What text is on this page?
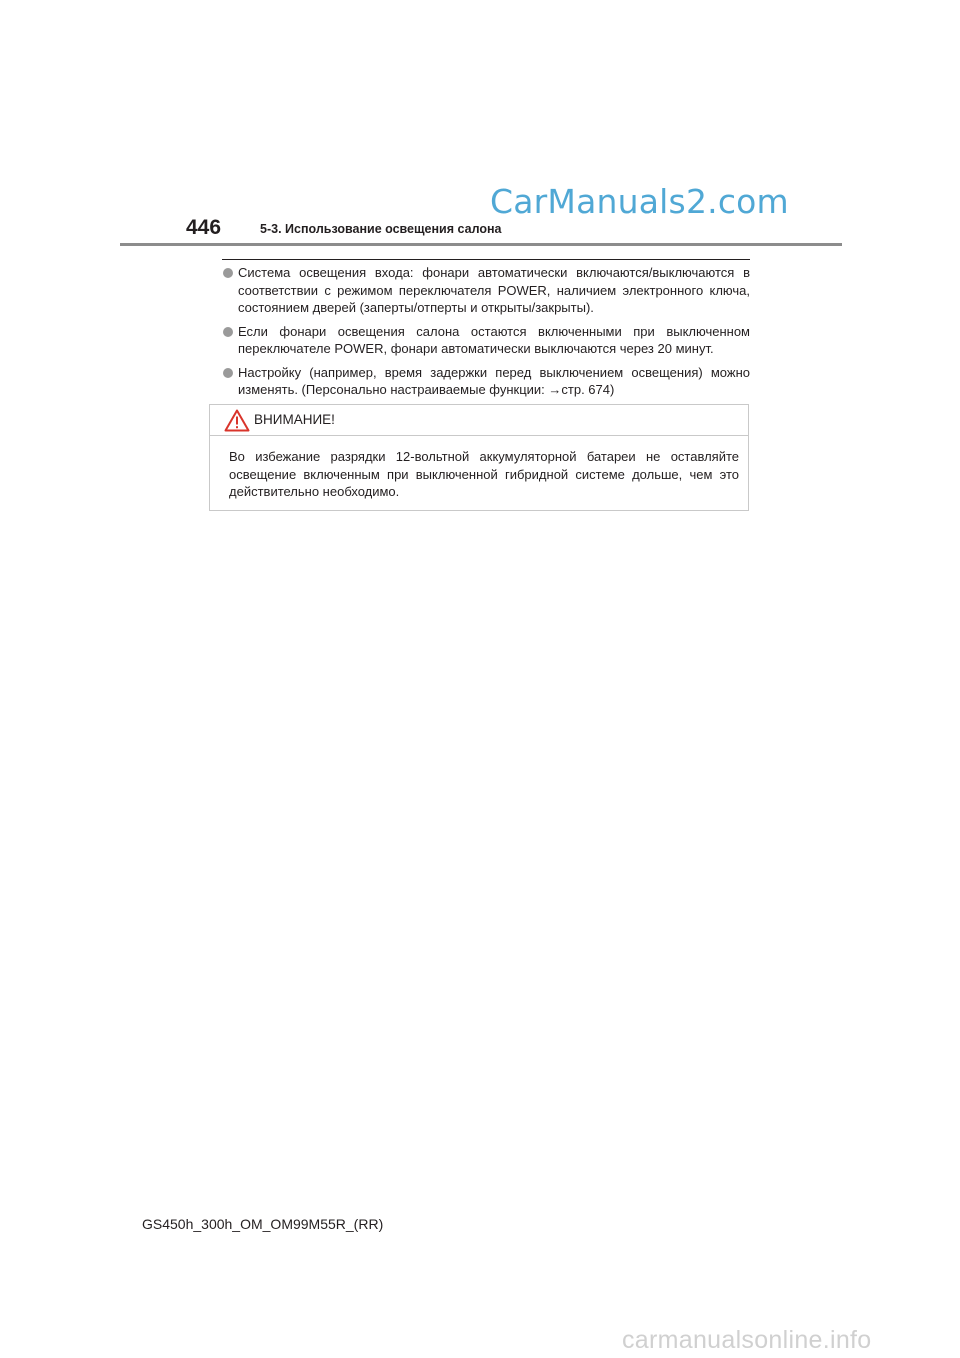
CarManuals2.com
446	5-3. Использование освещения салона
Система освещения входа: фонари автоматически включаются/выключаются в соответствии с режимом переключателя POWER, наличием электронного ключа, состоянием дверей (заперты/отперты и открыты/закрыты).
Если фонари освещения салона остаются включенными при выключенном переключателе POWER, фонари автоматически выключаются через 20 минут.
Настройку (например, время задержки перед выключением освещения) можно изменять. (Персонально настраиваемые функции: →стр. 674)
ВНИМАНИЕ!
Во избежание разрядки 12-вольтной аккумуляторной батареи не оставляйте освещение включенным при выключенной гибридной системе дольше, чем это действительно необходимо.
GS450h_300h_OM_OM99M55R_(RR)
carmanualsonline.info
